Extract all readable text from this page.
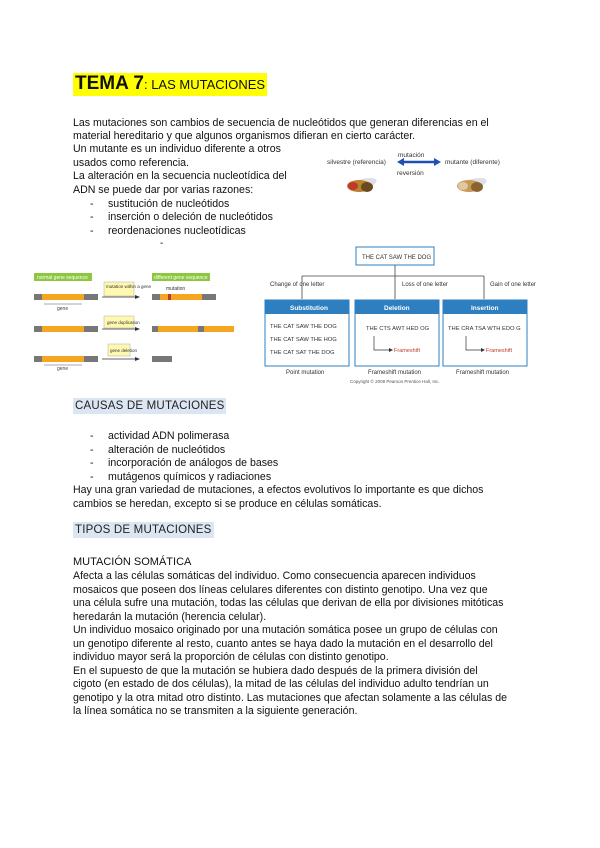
TEMA 7: LAS MUTACIONES
Las mutaciones son cambios de secuencia de nucleótidos que generan diferencias en el
material hereditario y que algunos organismos difieran en cierto carácter.
Un mutante es un individuo diferente a otros
usados como referencia.
La alteración en la secuencia nucleotídica del
ADN se puede dar por varias razones:
- sustitución de nucleótidos
- inserción o deleción de nucleótidos
- reordenaciones nucleotídicas
-
silvestre (referencia)	mutante (diferente)
mutación
reversión
normal gene sequence	different gene sequence
gene
mutation within a gene	mutation
gene duplication
gene
gene deletion
THE CAT SAW THE DOG
Change of one letter	Loss of one letter	Gain of one letter
Substitution
THE CAT SAW THE DOG
THE CAT SAW THE HOG
THE CAT SAT THE DOG
Deletion
THE CTS AWT HED OG
Frameshift
Insertion
THE CRA TSA WTH EDO G
Frameshift
Point mutation	Frameshift mutation	Frameshift mutation
Copyright © 2008 Pearson Prentice Hall, Inc.
CAUSAS DE MUTACIONES
- actividad ADN polimerasa
- alteración de nucleótidos
- incorporación de análogos de bases
- mutágenos químicos y radiaciones
Hay una gran variedad de mutaciones, a efectos evolutivos lo importante es que dichos
cambios se heredan, excepto si se produce en células somáticas.
TIPOS DE MUTACIONES
MUTACIÓN SOMÁTICA
Afecta a las células somáticas del individuo. Como consecuencia aparecen individuos
mosaicos que poseen dos líneas celulares diferentes con distinto genotipo. Una vez que
una célula sufre una mutación, todas las células que derivan de ella por divisiones mitóticas
heredarán la mutación (herencia celular).
Un individuo mosaico originado por una mutación somática posee un grupo de células con
un genotipo diferente al resto, cuanto antes se haya dado la mutación en el desarrollo del
individuo mayor será la proporción de células con distinto genotipo.
En el supuesto de que la mutación se hubiera dado después de la primera división del
cigoto (en estado de dos células), la mitad de las células del individuo adulto tendrían un
genotipo y la otra mitad otro distinto. Las mutaciones que afectan solamente a las células de
la línea somática no se transmiten a la siguiente generación.
